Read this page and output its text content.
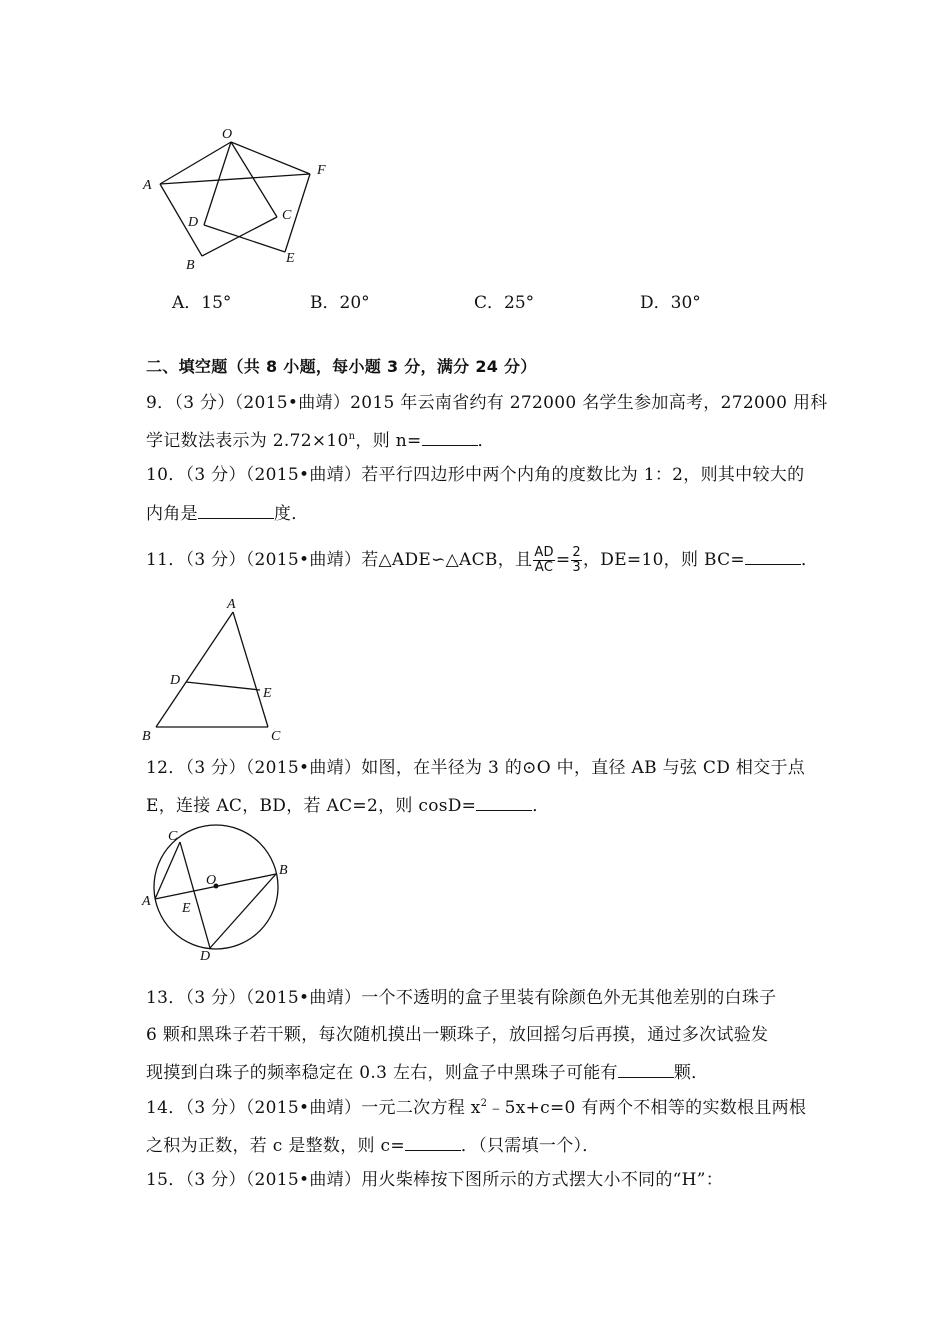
O
F
A
D	C
B	E
A．15°	B．20°	C．25°	D．30°
二、填空题（共 8 小题，每小题 3 分，满分 24 分）
9．（3 分）（2015•曲靖）2015 年云南省约有 272000 名学生参加高考，272000 用科
学记数法表示为 $2.72\times 10^n$，则 n=	．
10．（3 分）（2015•曲靖）若平行四边形中两个内角的度数比为 1：2，则其中较大的
内角是	度．
11．（3 分）（2015•曲靖）若△ADE∽△ACB，且 $\frac{AD}{AC} = \frac{2}{3}$ ，DE=10，则 BC=	．
A
D
E
B	C
12．（3 分）（2015•曲靖）如图，在半径为 3 的⊙O 中，直径 AB 与弦 CD 相交于点
E，连接 AC，BD，若 AC=2，则 cosD=	．
C
O
B
A E
D
13．（3 分）（2015•曲靖）一个不透明的盒子里装有除颜色外无其他差别的白珠子
6 颗和黑珠子若干颗，每次随机摸出一颗珠子，放回摇匀后再摸，通过多次试验发
现摸到白珠子的频率稳定在 0.3 左右，则盒子中黑珠子可能有	颗．
14．（3 分）（2015•曲靖）一元二次方程 $x^2﹣5x+c=0$ 有两个不相等的实数根且两根
之积为正数，若 c 是整数，则 c=	．（只需填一个）．
15．（3 分）（2015•曲靖）用火柴棒按下图所示的方式摆大小不同的“H”：
